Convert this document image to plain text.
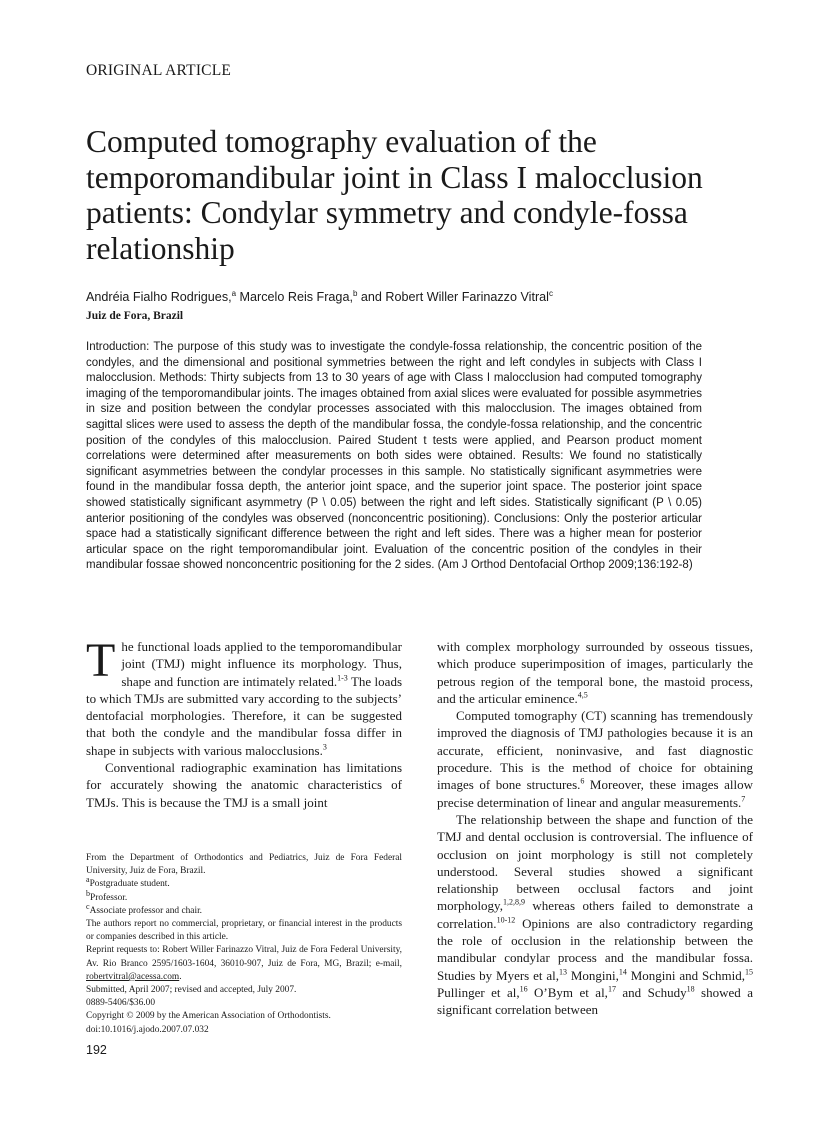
ORIGINAL ARTICLE
Computed tomography evaluation of the temporomandibular joint in Class I malocclusion patients: Condylar symmetry and condyle-fossa relationship
Andréia Fialho Rodrigues,$^a$ Marcelo Reis Fraga,$^b$ and Robert Willer Farinazzo Vitral$^c$
Juiz de Fora, Brazil

Introduction: The purpose of this study was to investigate the condyle-fossa relationship, the concentric position of the condyles, and the dimensional and positional symmetries between the right and left condyles in subjects with Class I malocclusion. Methods: Thirty subjects from 13 to 30 years of age with Class I malocclusion had computed tomography imaging of the temporomandibular joints. The images obtained from axial slices were evaluated for possible asymmetries in size and position between the condylar processes associated with this malocclusion. The images obtained from sagittal slices were used to assess the depth of the mandibular fossa, the condyle-fossa relationship, and the concentric position of the condyles of this malocclusion. Paired Student t tests were applied, and Pearson product moment correlations were determined after measurements on both sides were obtained. Results: We found no statistically significant asymmetries between the condylar processes in this sample. No statistically significant asymmetries were found in the mandibular fossa depth, the anterior joint space, and the superior joint space. The posterior joint space showed statistically significant asymmetry (P \ 0.05) between the right and left sides. Statistically significant (P \ 0.05) anterior positioning of the condyles was observed (nonconcentric positioning). Conclusions: Only the posterior articular space had a statistically significant difference between the right and left sides. There was a higher mean for posterior articular space on the right temporomandibular joint. Evaluation of the concentric position of the condyles in their mandibular fossae showed nonconcentric positioning for the 2 sides. (Am J Orthod Dentofacial Orthop 2009;136:192-8)

The functional loads applied to the temporomandibular joint (TMJ) might influence its morphology. Thus, shape and function are intimately related.$^{1-3}$ The loads to which TMJs are submitted vary according to the subjects’ dentofacial morphologies. Therefore, it can be suggested that both the condyle and the mandibular fossa differ in shape in subjects with various malocclusions.$^3$

Conventional radiographic examination has limitations for accurately showing the anatomic characteristics of TMJs. This is because the TMJ is a small joint

with complex morphology surrounded by osseous tissues, which produce superimposition of images, particularly the petrous region of the temporal bone, the mastoid process, and the articular eminence.$^{4,5}$

Computed tomography (CT) scanning has tremendously improved the diagnosis of TMJ pathologies because it is an accurate, efficient, noninvasive, and fast diagnostic procedure. This is the method of choice for obtaining images of bone structures.$^6$ Moreover, these images allow precise determination of linear and angular measurements.$^7$

The relationship between the shape and function of the TMJ and dental occlusion is controversial. The influence of occlusion on joint morphology is still not completely understood. Several studies showed a significant relationship between occlusal factors and joint morphology,$^{1,2,8,9}$ whereas others failed to demonstrate a correlation.$^{10-12}$ Opinions are also contradictory regarding the role of occlusion in the relationship between the mandibular condylar process and the mandibular fossa. Studies by Myers et al,$^{13}$ Mongini,$^{14}$ Mongini and Schmid,$^{15}$ Pullinger et al,$^{16}$ O’Bym et al,$^{17}$ and Schudy$^{18}$ showed a significant correlation between

From the Department of Orthodontics and Pediatrics, Juiz de Fora Federal University, Juiz de Fora, Brazil.
$^a$Postgraduate student.
$^b$Professor.
$^c$Associate professor and chair.
The authors report no commercial, proprietary, or financial interest in the products or companies described in this article.
Reprint requests to: Robert Willer Farinazzo Vitral, Juiz de Fora Federal University, Av. Rio Branco 2595/1603-1604, 36010-907, Juiz de Fora, MG, Brazil; e-mail, robertvitral@acessa.com.
Submitted, April 2007; revised and accepted, July 2007.
0889-5406/$36.00
Copyright © 2009 by the American Association of Orthodontists.
doi:10.1016/j.ajodo.2007.07.032
192
